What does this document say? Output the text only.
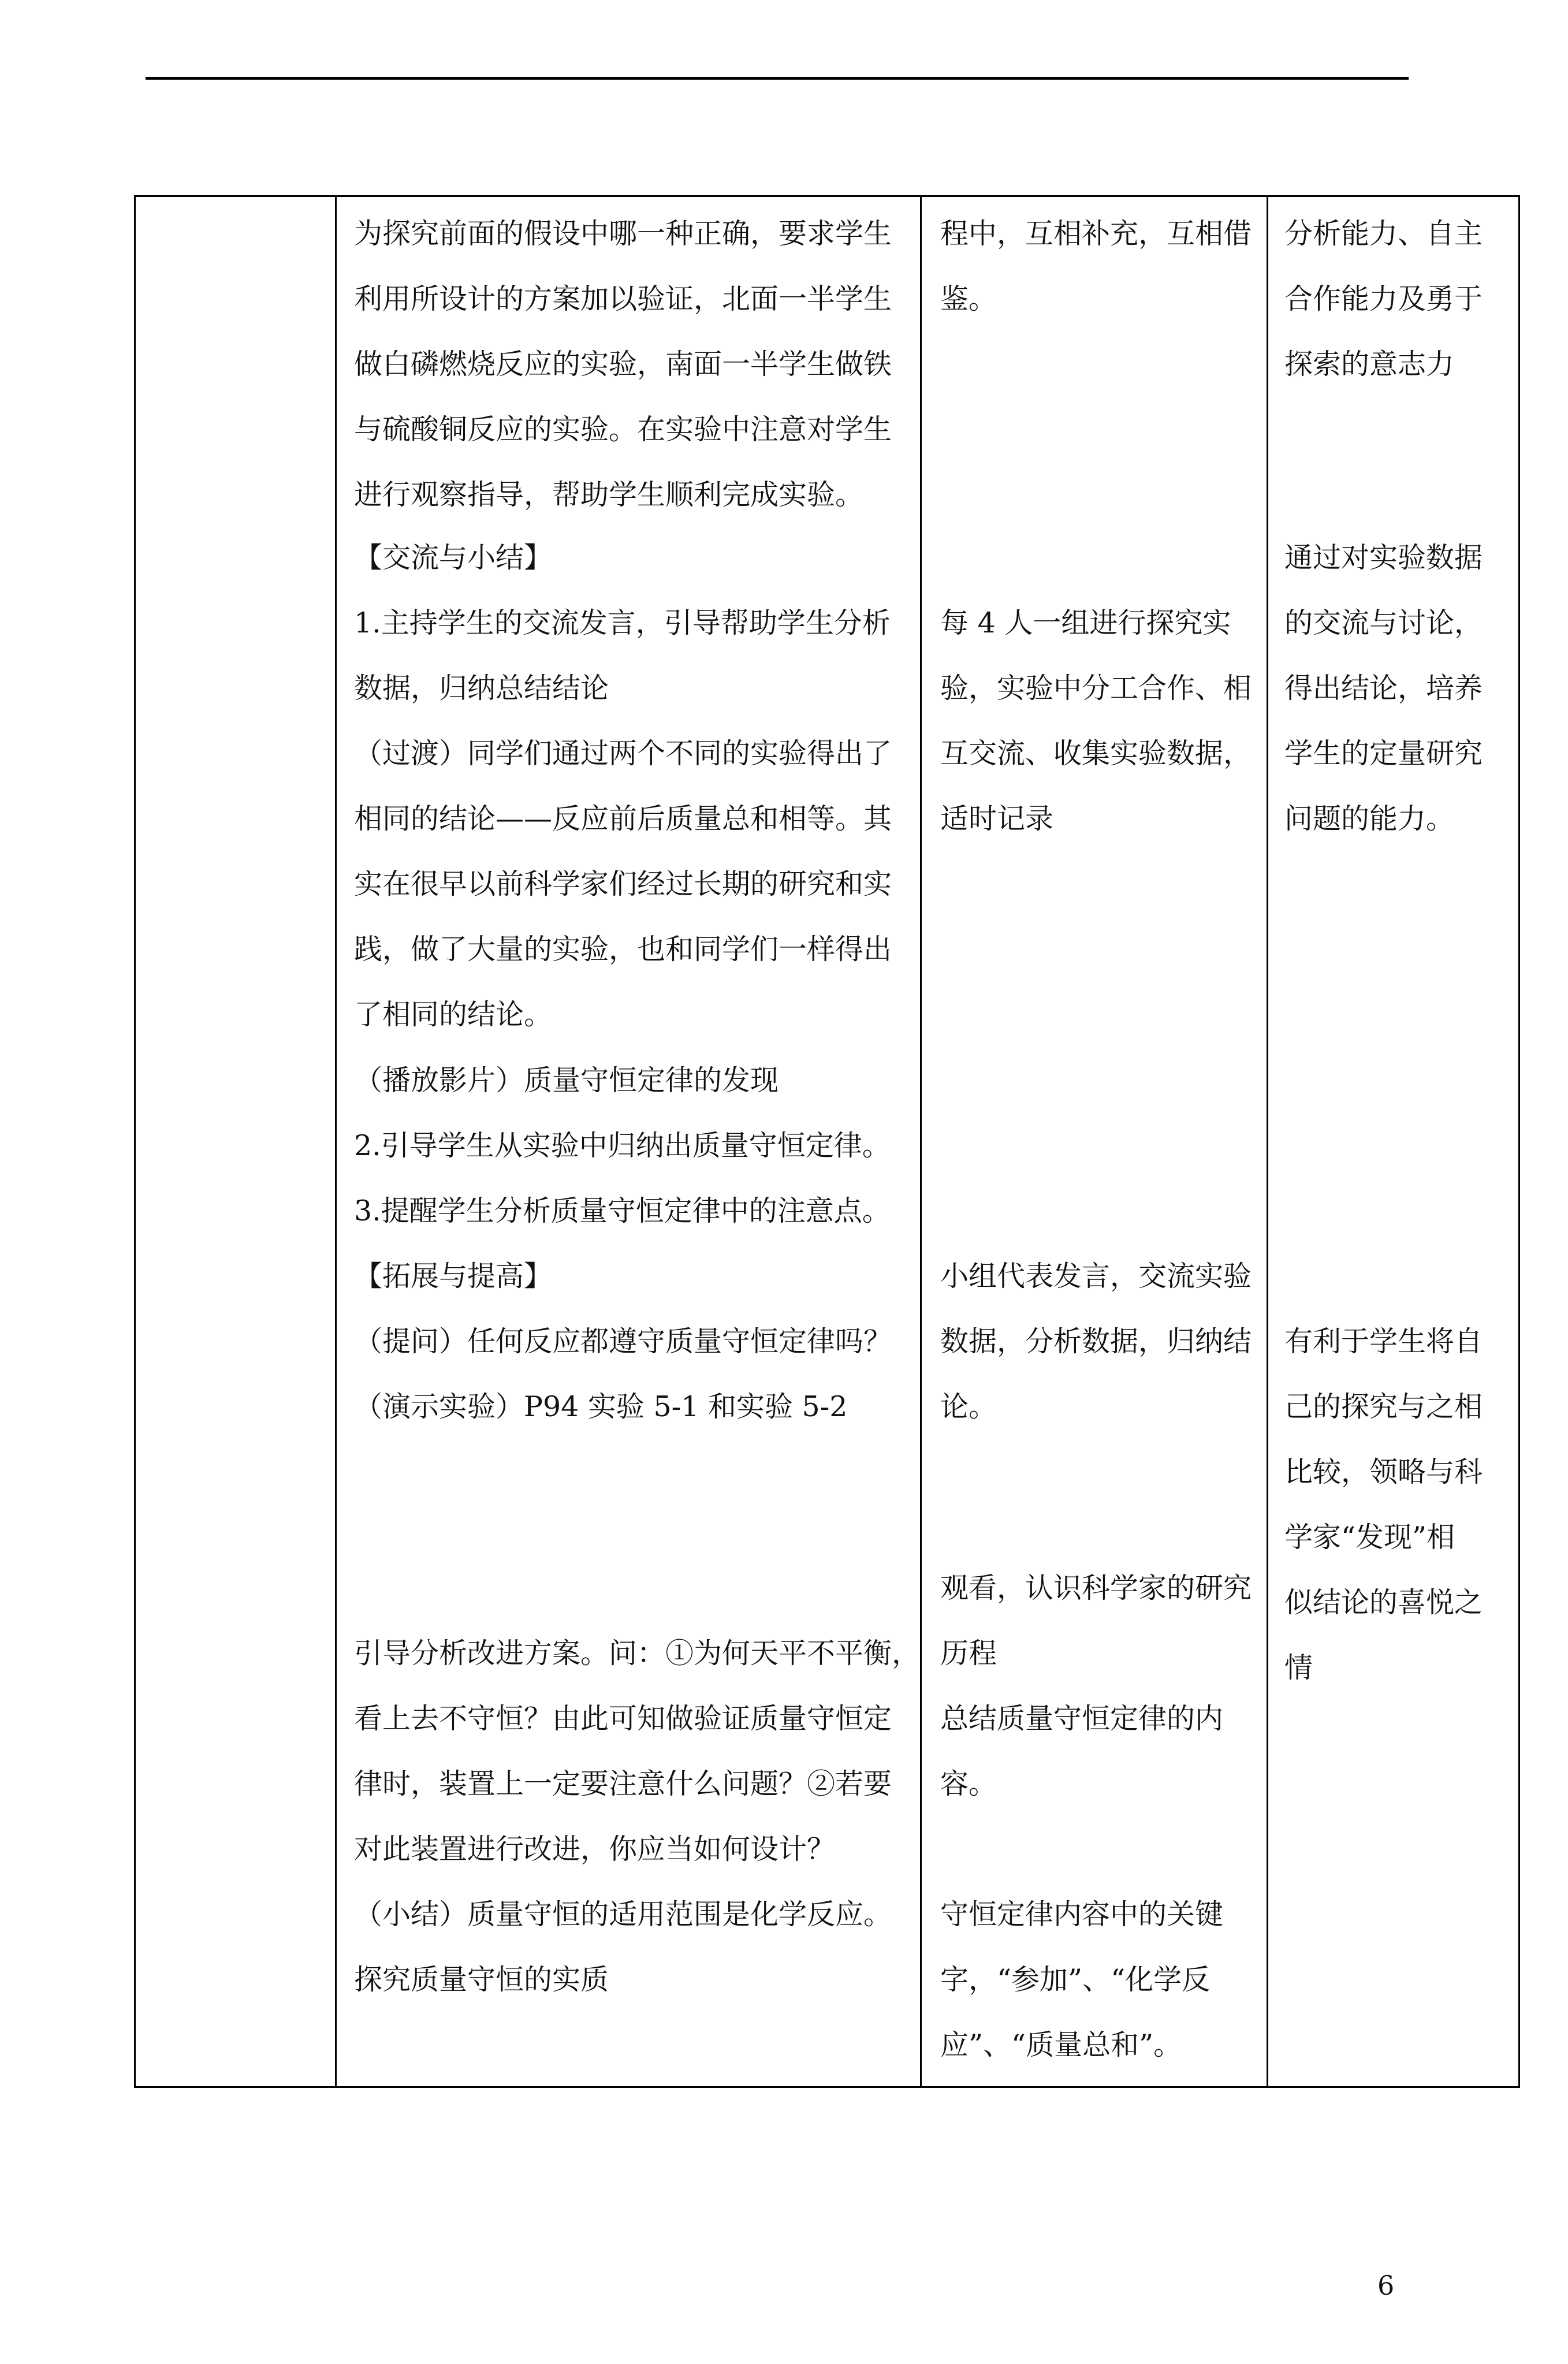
为探究前面的假设中哪一种正确，要求学生
利用所设计的方案加以验证，北面一半学生
做白磷燃烧反应的实验，南面一半学生做铁
与硫酸铜反应的实验。在实验中注意对学生
进行观察指导，帮助学生顺利完成实验。
【交流与小结】
1.主持学生的交流发言，引导帮助学生分析
数据，归纳总结结论
（过渡）同学们通过两个不同的实验得出了
相同的结论——反应前后质量总和相等。其
实在很早以前科学家们经过长期的研究和实
践，做了大量的实验，也和同学们一样得出
了相同的结论。
（播放影片）质量守恒定律的发现
2.引导学生从实验中归纳出质量守恒定律。
3.提醒学生分析质量守恒定律中的注意点。
【拓展与提高】
（提问）任何反应都遵守质量守恒定律吗？
（演示实验）P94 实验 5-1 和实验 5-2
引导分析改进方案。问：①为何天平不平衡，
看上去不守恒？由此可知做验证质量守恒定
律时，装置上一定要注意什么问题？②若要
对此装置进行改进，你应当如何设计？
（小结）质量守恒的适用范围是化学反应。
探究质量守恒的实质
程中，互相补充，互相借
鉴。
每 4 人一组进行探究实
验，实验中分工合作、相
互交流、收集实验数据，
适时记录
小组代表发言，交流实验
数据，分析数据，归纳结
论。
观看，认识科学家的研究
历程
总结质量守恒定律的内
容。
守恒定律内容中的关键
字，“参加”、“化学反
应”、“质量总和”。
分析能力、自主
合作能力及勇于
探索的意志力
通过对实验数据
的交流与讨论，
得出结论，培养
学生的定量研究
问题的能力。
有利于学生将自
己的探究与之相
比较，领略与科
学家“发现”相
似结论的喜悦之
情
6
